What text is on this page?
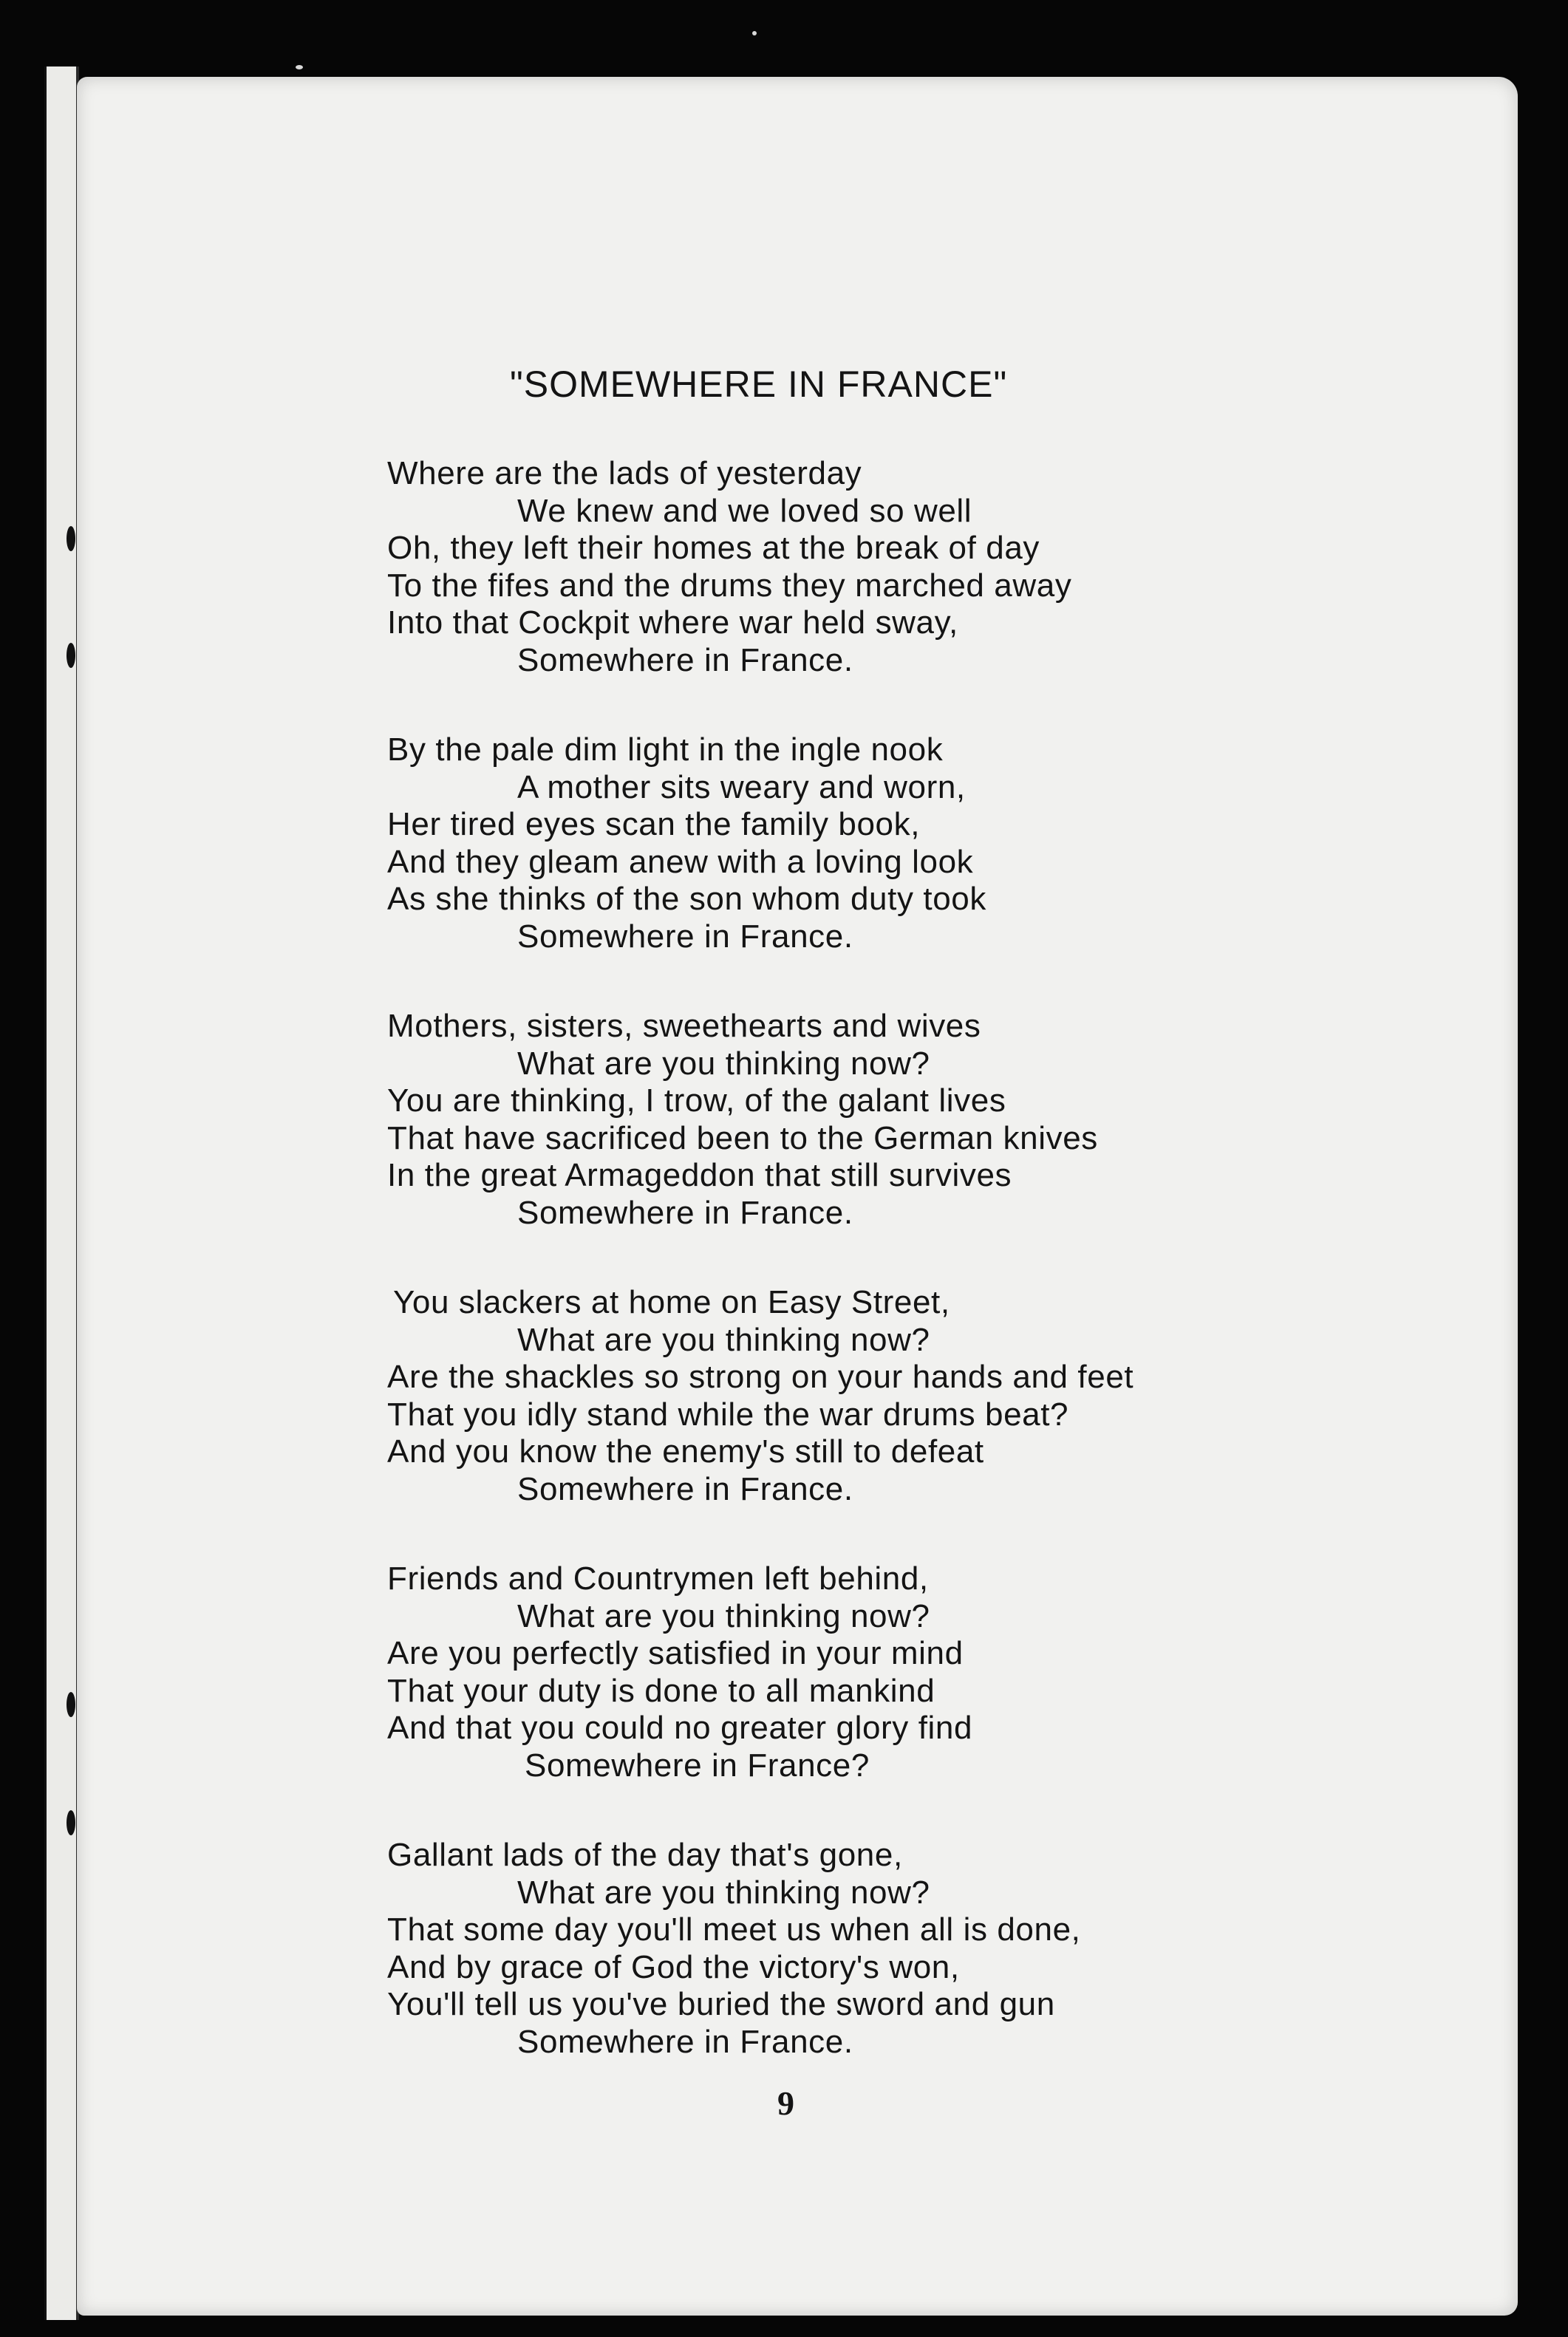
"SOMEWHERE IN FRANCE"
Where are the lads of yesterday
We knew and we loved so well
Oh, they left their homes at the break of day
To the fifes and the drums they marched away
Into that Cockpit where war held sway,
Somewhere in France.
By the pale dim light in the ingle nook
A mother sits weary and worn,
Her tired eyes scan the family book,
And they gleam anew with a loving look
As she thinks of the son whom duty took
Somewhere in France.
Mothers, sisters, sweethearts and wives
What are you thinking now?
You are thinking, I trow, of the galant lives
That have sacrificed been to the German knives
In the great Armageddon that still survives
Somewhere in France.
You slackers at home on Easy Street,
What are you thinking now?
Are the shackles so strong on your hands and feet
That you idly stand while the war drums beat?
And you know the enemy's still to defeat
Somewhere in France.
Friends and Countrymen left behind,
What are you thinking now?
Are you perfectly satisfied in your mind
That your duty is done to all mankind
And that you could no greater glory find
Somewhere in France?
Gallant lads of the day that's gone,
What are you thinking now?
That some day you'll meet us when all is done,
And by grace of God the victory's won,
You'll tell us you've buried the sword and gun
Somewhere in France.
9
